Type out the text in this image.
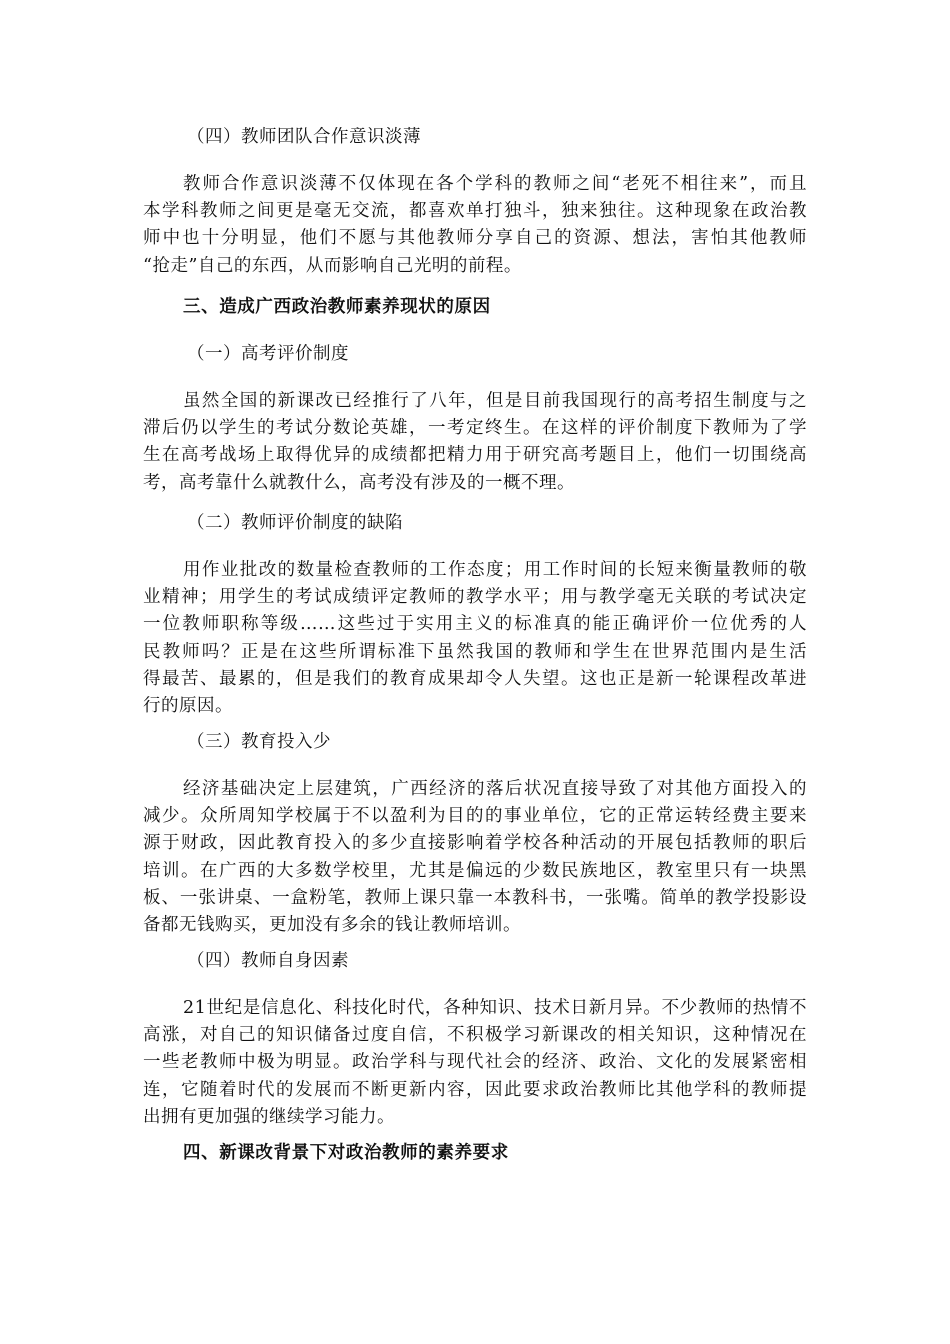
（四）教师团队合作意识淡薄

教师合作意识淡薄不仅体现在各个学科的教师之间“老死不相往来”，而且
本学科教师之间更是毫无交流，都喜欢单打独斗，独来独往。这种现象在政治教
师中也十分明显，他们不愿与其他教师分享自己的资源、想法，害怕其他教师
“抢走”自己的东西，从而影响自己光明的前程。

三、造成广西政治教师素养现状的原因

（一）高考评价制度

虽然全国的新课改已经推行了八年，但是目前我国现行的高考招生制度与之
滞后仍以学生的考试分数论英雄，一考定终生。在这样的评价制度下教师为了学
生在高考战场上取得优异的成绩都把精力用于研究高考题目上，他们一切围绕高
考，高考靠什么就教什么，高考没有涉及的一概不理。

（二）教师评价制度的缺陷

用作业批改的数量检查教师的工作态度；用工作时间的长短来衡量教师的敬
业精神；用学生的考试成绩评定教师的教学水平；用与教学毫无关联的考试决定
一位教师职称等级……这些过于实用主义的标准真的能正确评价一位优秀的人
民教师吗？正是在这些所谓标准下虽然我国的教师和学生在世界范围内是生活
得最苦、最累的，但是我们的教育成果却令人失望。这也正是新一轮课程改革进
行的原因。

（三）教育投入少

经济基础决定上层建筑，广西经济的落后状况直接导致了对其他方面投入的
减少。众所周知学校属于不以盈利为目的的事业单位，它的正常运转经费主要来
源于财政，因此教育投入的多少直接影响着学校各种活动的开展包括教师的职后
培训。在广西的大多数学校里，尤其是偏远的少数民族地区，教室里只有一块黑
板、一张讲桌、一盒粉笔，教师上课只靠一本教科书，一张嘴。简单的教学投影设
备都无钱购买，更加没有多余的钱让教师培训。

（四）教师自身因素

21世纪是信息化、科技化时代，各种知识、技术日新月异。不少教师的热情不
高涨，对自己的知识储备过度自信，不积极学习新课改的相关知识，这种情况在
一些老教师中极为明显。政治学科与现代社会的经济、政治、文化的发展紧密相
连，它随着时代的发展而不断更新内容，因此要求政治教师比其他学科的教师提
出拥有更加强的继续学习能力。

四、新课改背景下对政治教师的素养要求
